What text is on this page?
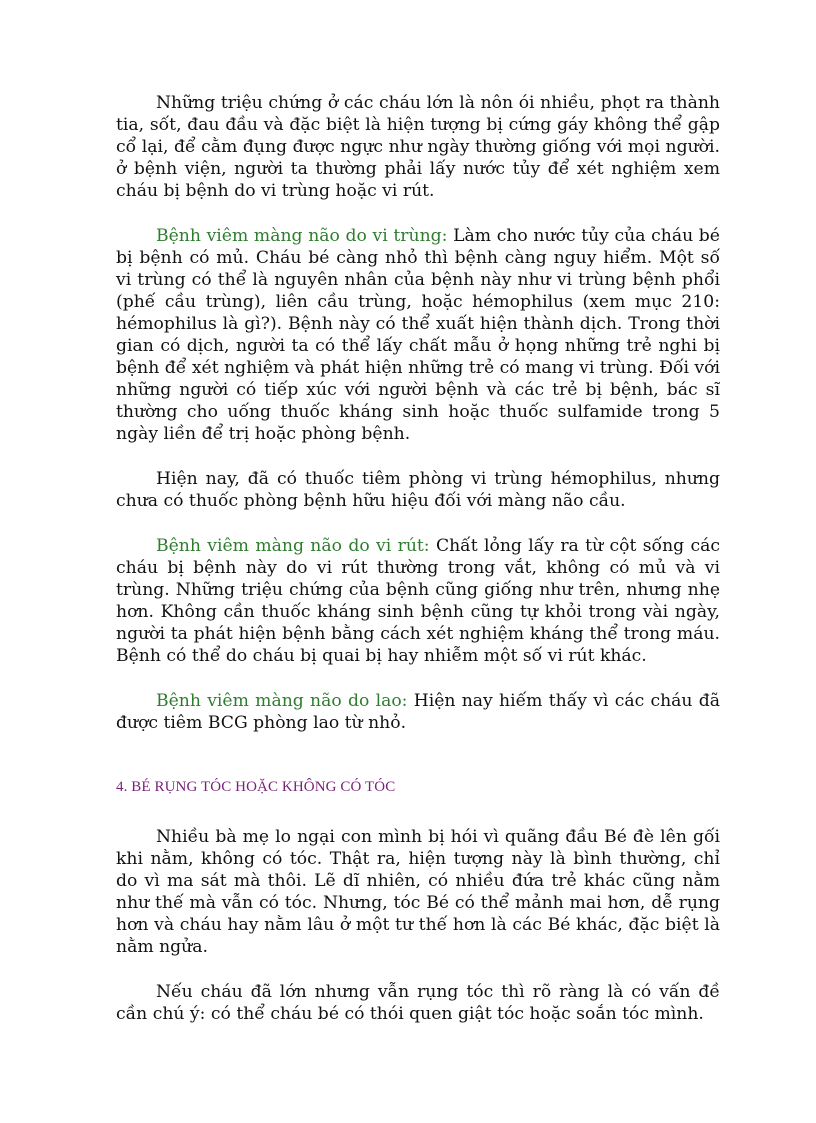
Những triệu chứng ở các cháu lớn là nôn ói nhiều, phọt ra thành tia, sốt, đau đầu và đặc biệt là hiện tượng bị cứng gáy không thể gập cổ lại, để cằm đụng được ngực như ngày thường giống với mọi người. ở bệnh viện, người ta thường phải lấy nước tủy để xét nghiệm xem cháu bị bệnh do vi trùng hoặc vi rút.

Bệnh viêm màng não do vi trùng: Làm cho nước tủy của cháu bé bị bệnh có mủ. Cháu bé càng nhỏ thì bệnh càng nguy hiểm. Một số vi trùng có thể là nguyên nhân của bệnh này như vi trùng bệnh phổi (phế cầu trùng), liên cầu trùng, hoặc hémophilus (xem mục 210: hémophilus là gì?). Bệnh này có thể xuất hiện thành dịch. Trong thời gian có dịch, người ta có thể lấy chất mẫu ở họng những trẻ nghi bị bệnh để xét nghiệm và phát hiện những trẻ có mang vi trùng. Đối với những người có tiếp xúc với người bệnh và các trẻ bị bệnh, bác sĩ thường cho uống thuốc kháng sinh hoặc thuốc sulfamide trong 5 ngày liền để trị hoặc phòng bệnh.

Hiện nay, đã có thuốc tiêm phòng vi trùng hémophilus, nhưng chưa có thuốc phòng bệnh hữu hiệu đối với màng não cầu.

Bệnh viêm màng não do vi rút: Chất lỏng lấy ra từ cột sống các cháu bị bệnh này do vi rút thường trong vắt, không có mủ và vi trùng. Những triệu chứng của bệnh cũng giống như trên, nhưng nhẹ hơn. Không cần thuốc kháng sinh bệnh cũng tự khỏi trong vài ngày, người ta phát hiện bệnh bằng cách xét nghiệm kháng thể trong máu. Bệnh có thể do cháu bị quai bị hay nhiễm một số vi rút khác.

Bệnh viêm màng não do lao: Hiện nay hiếm thấy vì các cháu đã được tiêm BCG phòng lao từ nhỏ.

4. BÉ RỤNG TÓC HOẶC KHÔNG CÓ TÓC

Nhiều bà mẹ lo ngại con mình bị hói vì quãng đầu Bé đè lên gối khi nằm, không có tóc. Thật ra, hiện tượng này là bình thường, chỉ do vì ma sát mà thôi. Lẽ dĩ nhiên, có nhiều đứa trẻ khác cũng nằm như thế mà vẫn có tóc. Nhưng, tóc Bé có thể mảnh mai hơn, dễ rụng hơn và cháu hay nằm lâu ở một tư thế hơn là các Bé khác, đặc biệt là nằm ngửa.

Nếu cháu đã lớn nhưng vẫn rụng tóc thì rõ ràng là có vấn đề cần chú ý: có thể cháu bé có thói quen giật tóc hoặc soắn tóc mình.
